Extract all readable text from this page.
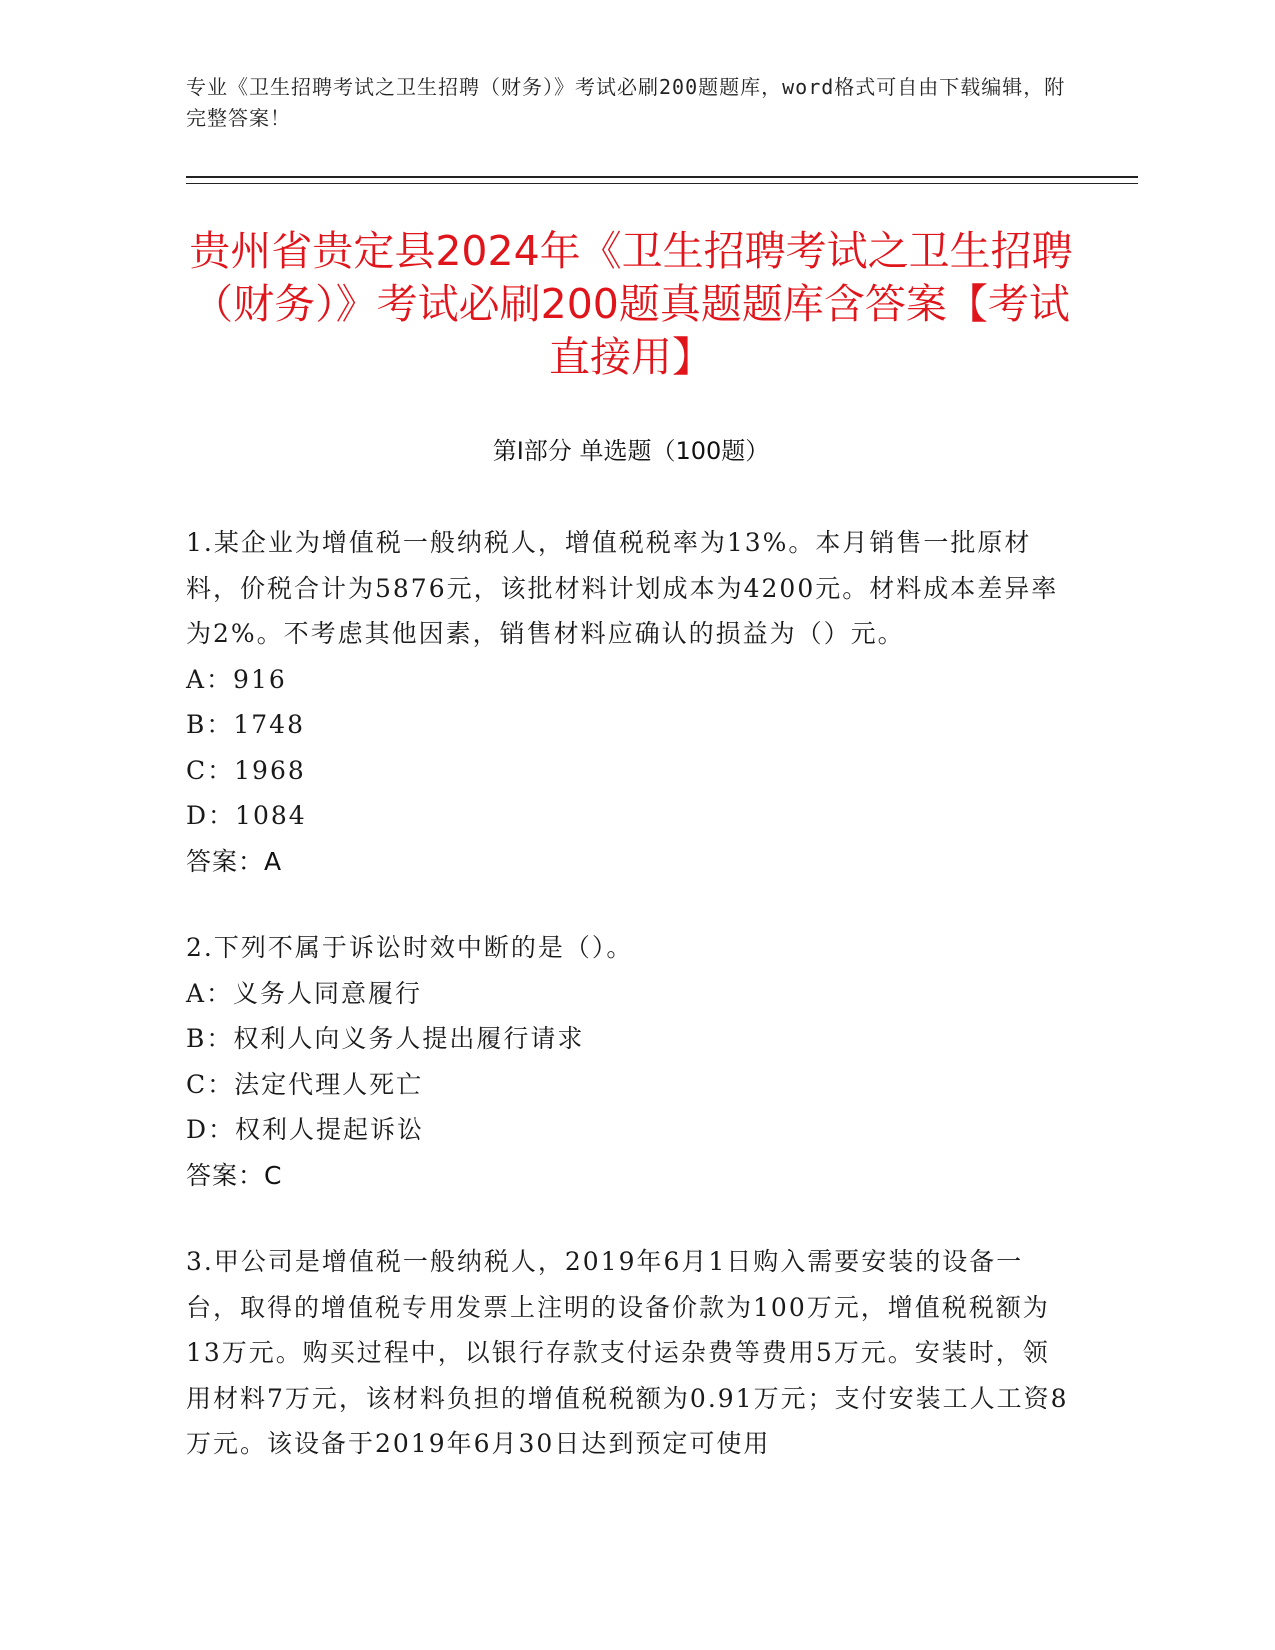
专业《卫生招聘考试之卫生招聘（财务）》考试必刷200题题库，word格式可自由下载编辑，附完整答案！
贵州省贵定县2024年《卫生招聘考试之卫生招聘（财务）》考试必刷200题真题题库含答案【考试直接用】
第Ⅰ部分 单选题（100题）
1.某企业为增值税一般纳税人，增值税税率为13%。本月销售一批原材料，价税合计为5876元，该批材料计划成本为4200元。材料成本差异率为2%。不考虑其他因素，销售材料应确认的损益为（）元。
A：916
B：1748
C：1968
D：1084
答案：A
2.下列不属于诉讼时效中断的是（）。
A：义务人同意履行
B：权利人向义务人提出履行请求
C：法定代理人死亡
D：权利人提起诉讼
答案：C
3.甲公司是增值税一般纳税人，2019年6月1日购入需要安装的设备一台，取得的增值税专用发票上注明的设备价款为100万元，增值税税额为13万元。购买过程中，以银行存款支付运杂费等费用5万元。安装时，领用材料7万元，该材料负担的增值税税额为0.91万元；支付安装工人工资8万元。该设备于2019年6月30日达到预定可使用
